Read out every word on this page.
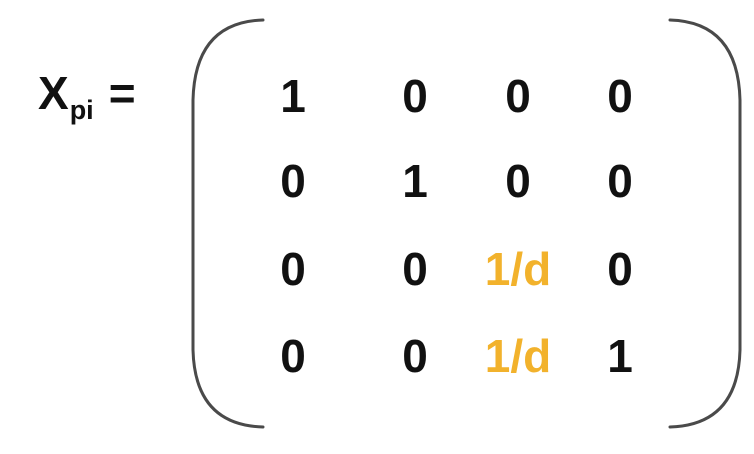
Xpi =	1	0	0	0
0	1	0	0
0	0	1/d	0
0	0	1/d	1
